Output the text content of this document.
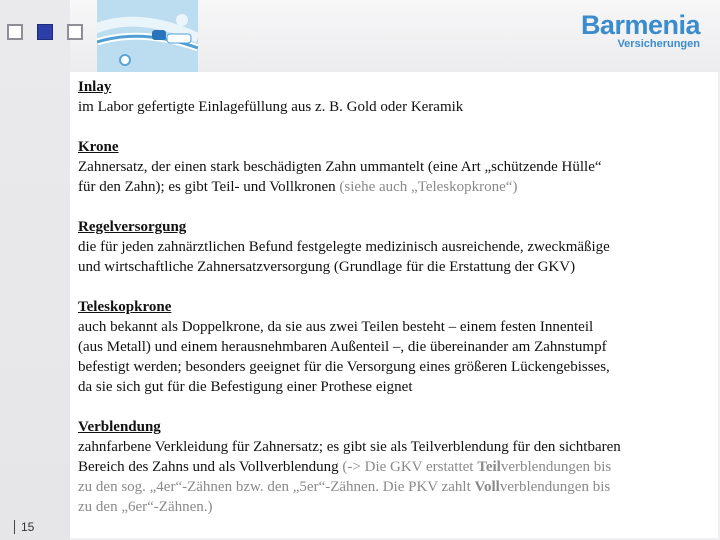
Barmenia
Versicherungen
Inlay
im Labor gefertigte Einlagefüllung aus z. B. Gold oder Keramik
Krone
Zahnersatz, der einen stark beschädigten Zahn ummantelt (eine Art „schützende Hülle“
für den Zahn); es gibt Teil- und Vollkronen (siehe auch „Teleskopkrone“)
Regelversorgung
die für jeden zahnärztlichen Befund festgelegte medizinisch ausreichende, zweckmäßige
und wirtschaftliche Zahnersatzversorgung (Grundlage für die Erstattung der GKV)
Teleskopkrone
auch bekannt als Doppelkrone, da sie aus zwei Teilen besteht – einem festen Innenteil
(aus Metall) und einem herausnehmbaren Außenteil –, die übereinander am Zahnstumpf
befestigt werden; besonders geeignet für die Versorgung eines größeren Lückengebisses,
da sie sich gut für die Befestigung einer Prothese eignet
Verblendung
zahnfarbene Verkleidung für Zahnersatz; es gibt sie als Teilverblendung für den sichtbaren
Bereich des Zahns und als Vollverblendung (-> Die GKV erstattet Teilverblendungen bis
zu den sog. „4er“-Zähnen bzw. den „5er“-Zähnen. Die PKV zahlt Vollverblendungen bis
zu den „6er“-Zähnen.)
15
